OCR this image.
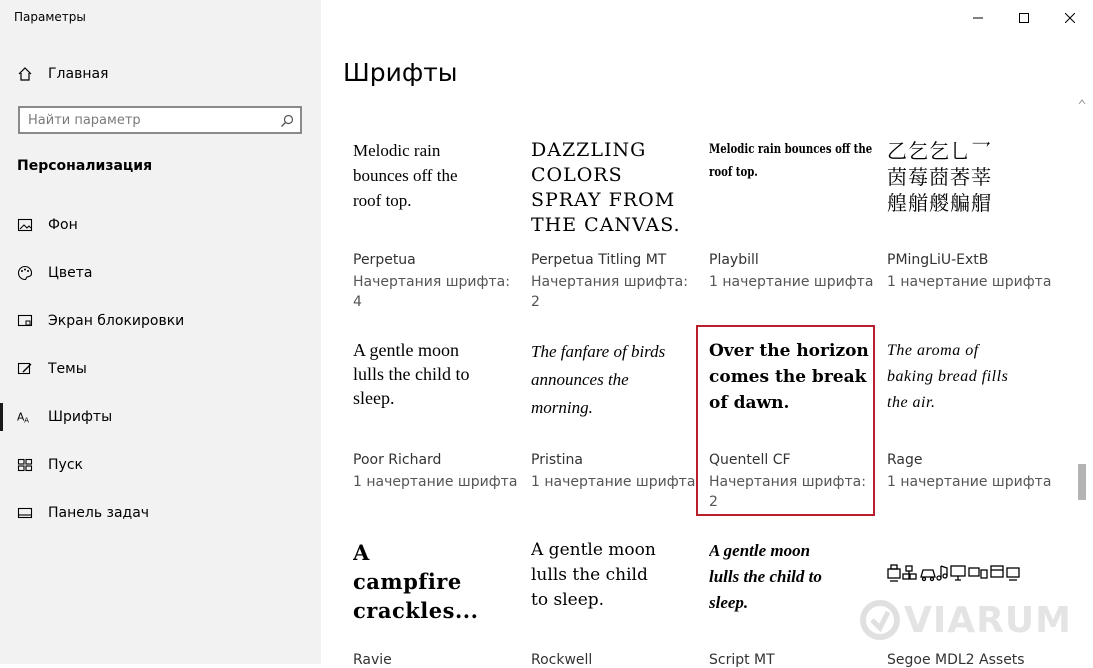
Параметры
Главная
Найти параметр
Персонализация
Фон
Цвета
Экран блокировки
Темы
A A Шрифты
Пуск
Панель задач
Шрифты
Melodic rain
bounces off the
roof top.
Perpetua
Начертания шрифта: 4
DAZZLING
COLORS
SPRAY FROM
THE CANVAS.
Perpetua Titling MT
Начертания шрифта: 2
Melodic rain bounces off the
roof top.
Playbill
1 начертание шрифта
乙乞乞乚乛
茵莓莔莕莘
艎艏艐艑艒
PMingLiU-ExtB
1 начертание шрифта
A gentle moon
lulls the child to
sleep.
Poor Richard
1 начертание шрифта
The fanfare of birds
announces the
morning.
Pristina
1 начертание шрифта
Over the horizon
comes the break
of dawn.
Quentell CF
Начертания шрифта: 2
The aroma of
baking bread fills
the air.
Rage
1 начертание шрифта
A
campfire
crackles...
Ravie
A gentle moon
lulls the child
to sleep.
Rockwell
A gentle moon
lulls the child to
sleep.
Script MT	Segoe MDL2 Assets
VIARUM
